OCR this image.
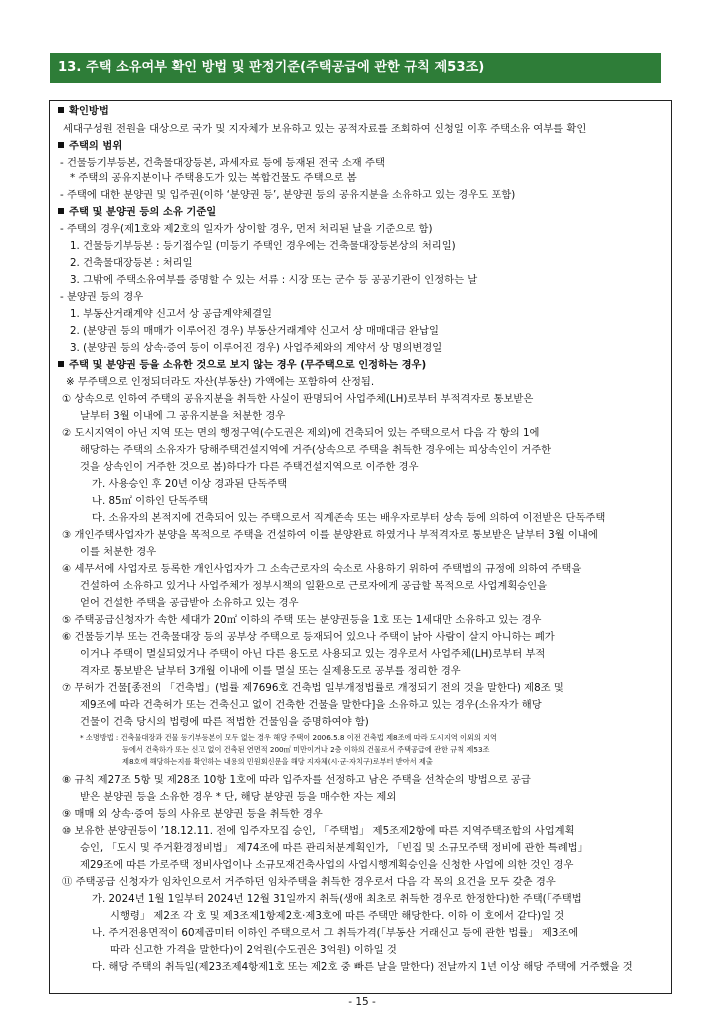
13. 주택 소유여부 확인 방법 및 판정기준(주택공급에 관한 규칙 제53조)
확인방법
세대구성원 전원을 대상으로 국가 및 지자체가 보유하고 있는 공적자료를 조회하여 신청일 이후 주택소유 여부를 확인
주택의 범위
- 건물등기부등본, 건축물대장등본, 과세자료 등에 등재된 전국 소재 주택
* 주택의 공유지분이나 주택용도가 있는 복합건물도 주택으로 봄
- 주택에 대한 분양권 및 입주권(이하 ‘분양권 등’, 분양권 등의 공유지분을 소유하고 있는 경우도 포함)
주택 및 분양권 등의 소유 기준일
- 주택의 경우(제1호와 제2호의 일자가 상이할 경우, 먼저 처리된 날을 기준으로 함)
1. 건물등기부등본 : 등기접수일 (미등기 주택인 경우에는 건축물대장등본상의 처리일)
2. 건축물대장등본 : 처리일
3. 그밖에 주택소유여부를 증명할 수 있는 서류 : 시장 또는 군수 등 공공기관이 인정하는 날
- 분양권 등의 경우
1. 부동산거래계약 신고서 상 공급계약체결일
2. (분양권 등의 매매가 이루어진 경우) 부동산거래계약 신고서 상 매매대금 완납일
3. (분양권 등의 상속·증여 등이 이루어진 경우) 사업주체와의 계약서 상 명의변경일
주택 및 분양권 등을 소유한 것으로 보지 않는 경우 (무주택으로 인정하는 경우)
※ 무주택으로 인정되더라도 자산(부동산) 가액에는 포함하여 산정됨.
① 상속으로 인하여 주택의 공유지분을 취득한 사실이 판명되어 사업주체(LH)로부터 부적격자로 통보받은
날부터 3월 이내에 그 공유지분을 처분한 경우
② 도시지역이 아닌 지역 또는 면의 행정구역(수도권은 제외)에 건축되어 있는 주택으로서 다음 각 항의 1에
해당하는 주택의 소유자가 당해주택건설지역에 거주(상속으로 주택을 취득한 경우에는 피상속인이 거주한
것을 상속인이 거주한 것으로 봄)하다가 다른 주택건설지역으로 이주한 경우
가. 사용승인 후 20년 이상 경과된 단독주택
나. 85㎡ 이하인 단독주택
다. 소유자의 본적지에 건축되어 있는 주택으로서 직계존속 또는 배우자로부터 상속 등에 의하여 이전받은 단독주택
③ 개인주택사업자가 분양을 목적으로 주택을 건설하여 이를 분양완료 하였거나 부적격자로 통보받은 날부터 3월 이내에
이를 처분한 경우
④ 세무서에 사업자로 등록한 개인사업자가 그 소속근로자의 숙소로 사용하기 위하여 주택법의 규정에 의하여 주택을
건설하여 소유하고 있거나 사업주체가 정부시책의 일환으로 근로자에게 공급할 목적으로 사업계획승인을
얻어 건설한 주택을 공급받아 소유하고 있는 경우
⑤ 주택공급신청자가 속한 세대가 20㎡ 이하의 주택 또는 분양권등을 1호 또는 1세대만 소유하고 있는 경우
⑥ 건물등기부 또는 건축물대장 등의 공부상 주택으로 등재되어 있으나 주택이 낡아 사람이 살지 아니하는 폐가
이거나 주택이 멸실되었거나 주택이 아닌 다른 용도로 사용되고 있는 경우로서 사업주체(LH)로부터 부적
격자로 통보받은 날부터 3개월 이내에 이를 멸실 또는 실제용도로 공부를 정리한 경우
⑦ 무허가 건물[종전의 「건축법」(법률 제7696호 건축법 일부개정법률로 개정되기 전의 것을 말한다) 제8조 및
제9조에 따라 건축허가 또는 건축신고 없이 건축한 건물을 말한다]을 소유하고 있는 경우(소유자가 해당
건물이 건축 당시의 법령에 따른 적법한 건물임을 증명하여야 함)
* 소명방법 : 건축물대장과 건물 등기부등본이 모두 없는 경우 해당 주택이 2006.5.8 이전 건축법 제8조에 따라 도시지역 이외의 지역
등에서 건축하가 또는 신고 없이 건축된 연면적 200㎡ 미만이거나 2층 이하의 건물로서 주택공급에 관한 규칙 제53조
제8호에 해당하는지를 확인하는 내용의 민원회신문을 해당 지자체(시·군·자치구)로부터 받아서 제출
⑧ 규칙 제27조 5항 및 제28조 10항 1호에 따라 입주자를 선정하고 남은 주택을 선착순의 방법으로 공급
받은 분양권 등을 소유한 경우 * 단, 해당 분양권 등을 매수한 자는 제외
⑨ 매매 외 상속·증여 등의 사유로 분양권 등을 취득한 경우
⑩ 보유한 분양권등이 ’18.12.11. 전에 입주자모집 승인, 「주택법」 제5조제2항에 따른 지역주택조합의 사업계획
승인, 「도시 및 주거환경정비법」 제74조에 따른 관리처분계획인가, 「빈집 및 소규모주택 정비에 관한 특례법」
제29조에 따른 가로주택 정비사업이나 소규모재건축사업의 사업시행계획승인을 신청한 사업에 의한 것인 경우
⑪ 주택공급 신청자가 임차인으로서 거주하던 임차주택을 취득한 경우로서 다음 각 목의 요건을 모두 갖춘 경우
가. 2024년 1월 1일부터 2024년 12월 31일까지 취득(생애 최초로 취득한 경우로 한정한다)한 주택(「주택법
시행령」 제2조 각 호 및 제3조제1항제2호·제3호에 따른 주택만 해당한다. 이하 이 호에서 같다)일 것
나. 주거전용면적이 60제곱미터 이하인 주택으로서 그 취득가격(「부동산 거래신고 등에 관한 법률」 제3조에
따라 신고한 가격을 말한다)이 2억원(수도권은 3억원) 이하일 것
다. 해당 주택의 취득일(제23조제4항제1호 또는 제2호 중 빠른 날을 말한다) 전날까지 1년 이상 해당 주택에 거주했을 것
- 15 -
